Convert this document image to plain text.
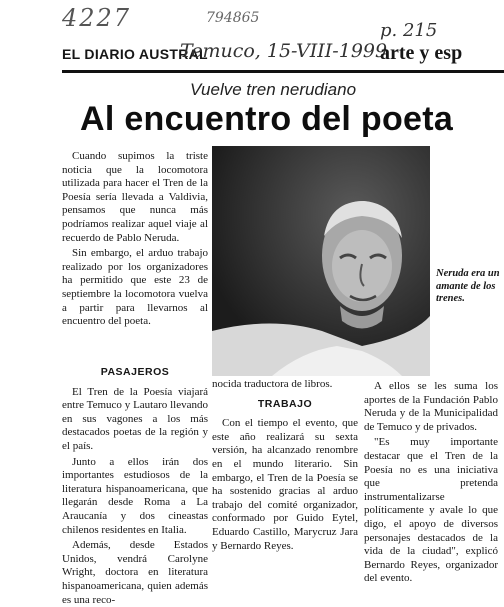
4227	794865
p. 215
EL DIARIO AUSTRAL
Temuco, 15-VIII-1999
arte y esp
Vuelve tren nerudiano
Al encuentro del poeta

Cuando supimos la triste noticia que la locomotora utilizada para hacer el Tren de la Poesía sería llevada a Valdivia, pensamos que nunca más podríamos realizar aquel viaje al recuerdo de Pablo Neruda.

Sin embargo, el arduo trabajo realizado por los organizadores ha permitido que este 23 de septiembre la locomotora vuelva a partir para llevarnos al encuentro del poeta.

PASAJEROS

El Tren de la Poesía viajará entre Temuco y Lautaro llevando en sus vagones a los más destacados poetas de la región y el país.

Junto a ellos irán dos importantes estudiosos de la literatura hispanoamericana, que llegarán desde Roma a La Araucanía y dos cineastas chilenos residentes en Italia.

Además, desde Estados Unidos, vendrá Carolyne Wright, doctora en literatura hispanoamericana, quien además es una reco-

Neruda era un amante de los trenes.

nocida traductora de libros.

TRABAJO

Con el tiempo el evento, que este año realizará su sexta versión, ha alcanzado renombre en el mundo literario. Sin embargo, el Tren de la Poesía se ha sostenido gracias al arduo trabajo del comité organizador, conformado por Guido Eytel, Eduardo Castillo, Marycruz Jara y Bernardo Reyes.

A ellos se les suma los aportes de la Fundación Pablo Neruda y de la Municipalidad de Temuco y de privados.

"Es muy importante destacar que el Tren de la Poesía no es una iniciativa que pretenda instrumentalizarse políticamente y avale lo que digo, el apoyo de diversos personajes destacados de la vida de la ciudad", explicó Bernardo Reyes, organizador del evento.
